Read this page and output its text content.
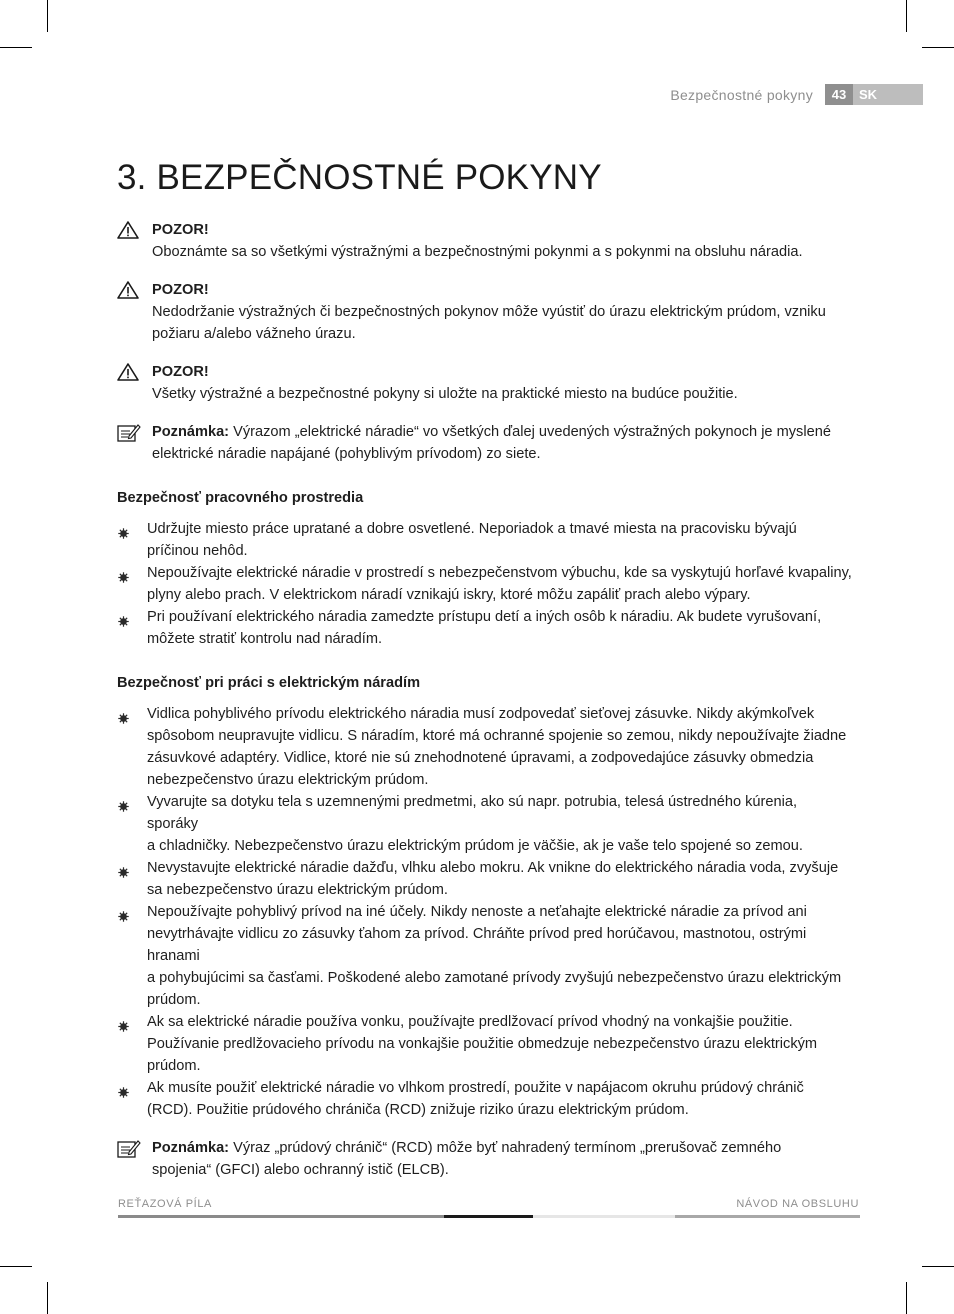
Bezpečnostné pokyny	43 SK
3. BEZPEČNOSTNÉ POKYNY
POZOR!
Oboznámte sa so všetkými výstražnými a bezpečnostnými pokynmi a s pokynmi na obsluhu náradia.
POZOR!
Nedodržanie výstražných či bezpečnostných pokynov môže vyústiť do úrazu elektrickým prúdom, vzniku
požiaru a/alebo vážneho úrazu.
POZOR!
Všetky výstražné a bezpečnostné pokyny si uložte na praktické miesto na budúce použitie.
Poznámka: Výrazom „elektrické náradie“ vo všetkých ďalej uvedených výstražných pokynoch je myslené
elektrické náradie napájané (pohyblivým prívodom) zo siete.
Bezpečnosť pracovného prostredia
Udržujte miesto práce upratané a dobre osvetlené. Neporiadok a tmavé miesta na pracovisku bývajú
príčinou nehôd.
Nepoužívajte elektrické náradie v prostredí s nebezpečenstvom výbuchu, kde sa vyskytujú horľavé kvapaliny,
plyny alebo prach. V elektrickom náradí vznikajú iskry, ktoré môžu zapáliť prach alebo výpary.
Pri používaní elektrického náradia zamedzte prístupu detí a iných osôb k náradiu. Ak budete vyrušovaní,
môžete stratiť kontrolu nad náradím.
Bezpečnosť pri práci s elektrickým náradím
Vidlica pohyblivého prívodu elektrického náradia musí zodpovedať sieťovej zásuvke. Nikdy akýmkoľvek
spôsobom neupravujte vidlicu. S náradím, ktoré má ochranné spojenie so zemou, nikdy nepoužívajte žiadne
zásuvkové adaptéry. Vidlice, ktoré nie sú znehodnotené úpravami, a zodpovedajúce zásuvky obmedzia
nebezpečenstvo úrazu elektrickým prúdom.
Vyvarujte sa dotyku tela s uzemnenými predmetmi, ako sú napr. potrubia, telesá ústredného kúrenia,
sporáky
a chladničky. Nebezpečenstvo úrazu elektrickým prúdom je väčšie, ak je vaše telo spojené so zemou.
Nevystavujte elektrické náradie dažďu, vlhku alebo mokru. Ak vnikne do elektrického náradia voda, zvyšuje
sa nebezpečenstvo úrazu elektrickým prúdom.
Nepoužívajte pohyblivý prívod na iné účely. Nikdy nenoste a neťahajte elektrické náradie za prívod ani
nevytrhávajte vidlicu zo zásuvky ťahom za prívod. Chráňte prívod pred horúčavou, mastnotou, ostrými
hranami
a pohybujúcimi sa časťami. Poškodené alebo zamotané prívody zvyšujú nebezpečenstvo úrazu elektrickým
prúdom.
Ak sa elektrické náradie používa vonku, používajte predlžovací prívod vhodný na vonkajšie použitie.
Používanie predlžovacieho prívodu na vonkajšie použitie obmedzuje nebezpečenstvo úrazu elektrickým
prúdom.
Ak musíte použiť elektrické náradie vo vlhkom prostredí, použite v napájacom okruhu prúdový chránič
(RCD). Použitie prúdového chrániča (RCD) znižuje riziko úrazu elektrickým prúdom.
Poznámka: Výraz „prúdový chránič“ (RCD) môže byť nahradený termínom „prerušovač zemného
spojenia“ (GFCI) alebo ochranný istič (ELCB).
REŤAZOVÁ PÍLA	NÁVOD NA OBSLUHU
